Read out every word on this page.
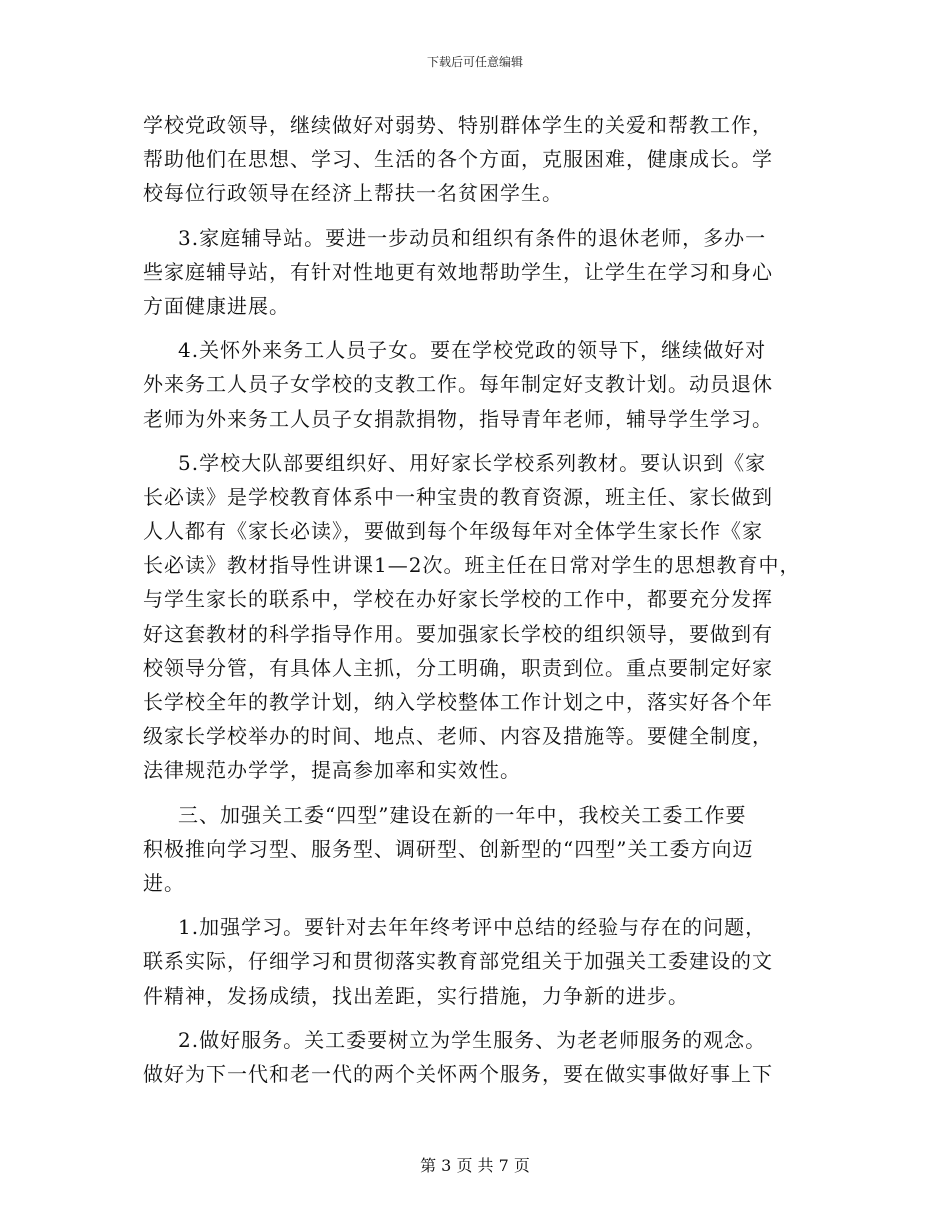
下载后可任意编辑
学校党政领导，继续做好对弱势、特别群体学生的关爱和帮教工作，
帮助他们在思想、学习、生活的各个方面，克服困难，健康成长。学
校每位行政领导在经济上帮扶一名贫困学生。
3.家庭辅导站。要进一步动员和组织有条件的退休老师，多办一
些家庭辅导站，有针对性地更有效地帮助学生，让学生在学习和身心
方面健康进展。
4.关怀外来务工人员子女。要在学校党政的领导下，继续做好对
外来务工人员子女学校的支教工作。每年制定好支教计划。动员退休
老师为外来务工人员子女捐款捐物，指导青年老师，辅导学生学习。
5.学校大队部要组织好、用好家长学校系列教材。要认识到《家
长必读》是学校教育体系中一种宝贵的教育资源，班主任、家长做到
人人都有《家长必读》，要做到每个年级每年对全体学生家长作《家
长必读》教材指导性讲课1—2次。班主任在日常对学生的思想教育中，
与学生家长的联系中，学校在办好家长学校的工作中，都要充分发挥
好这套教材的科学指导作用。要加强家长学校的组织领导，要做到有
校领导分管，有具体人主抓，分工明确，职责到位。重点要制定好家
长学校全年的教学计划，纳入学校整体工作计划之中，落实好各个年
级家长学校举办的时间、地点、老师、内容及措施等。要健全制度，
法律规范办学学，提高参加率和实效性。
三、加强关工委“四型”建设在新的一年中，我校关工委工作要
积极推向学习型、服务型、调研型、创新型的“四型”关工委方向迈
进。
1.加强学习。要针对去年年终考评中总结的经验与存在的问题，
联系实际，仔细学习和贯彻落实教育部党组关于加强关工委建设的文
件精神，发扬成绩，找出差距，实行措施，力争新的进步。
2.做好服务。关工委要树立为学生服务、为老老师服务的观念。
做好为下一代和老一代的两个关怀两个服务，要在做实事做好事上下
第 3 页 共 7 页
